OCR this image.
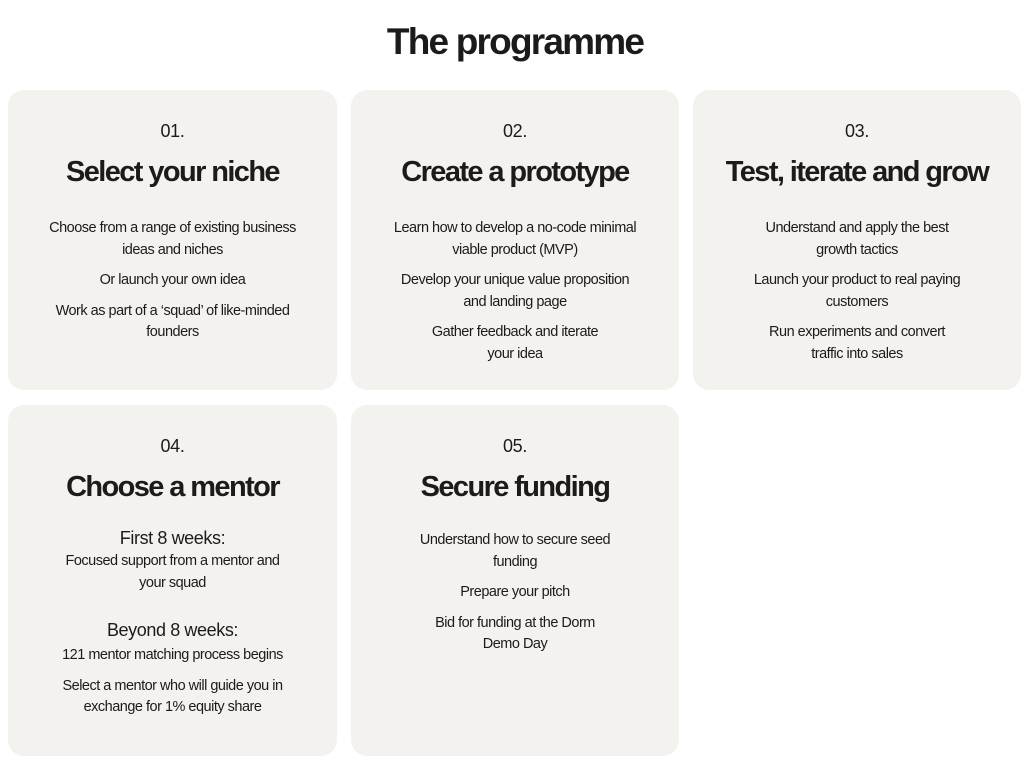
The programme
01.
Select your niche

Choose from a range of existing business ideas and niches

Or launch your own idea

Work as part of a ‘squad’ of like-minded founders

02.
Create a prototype

Learn how to develop a no-code minimal viable product (MVP)

Develop your unique value proposition and landing page

Gather feedback and iterate your idea

03.
Test, iterate and grow

Understand and apply the best growth tactics

Launch your product to real paying customers

Run experiments and convert traffic into sales

04.
Choose a mentor

First 8 weeks:

Focused support from a mentor and your squad

Beyond 8 weeks:

121 mentor matching process begins

Select a mentor who will guide you in exchange for 1% equity share

05.
Secure funding

Understand how to secure seed funding

Prepare your pitch

Bid for funding at the Dorm Demo Day
